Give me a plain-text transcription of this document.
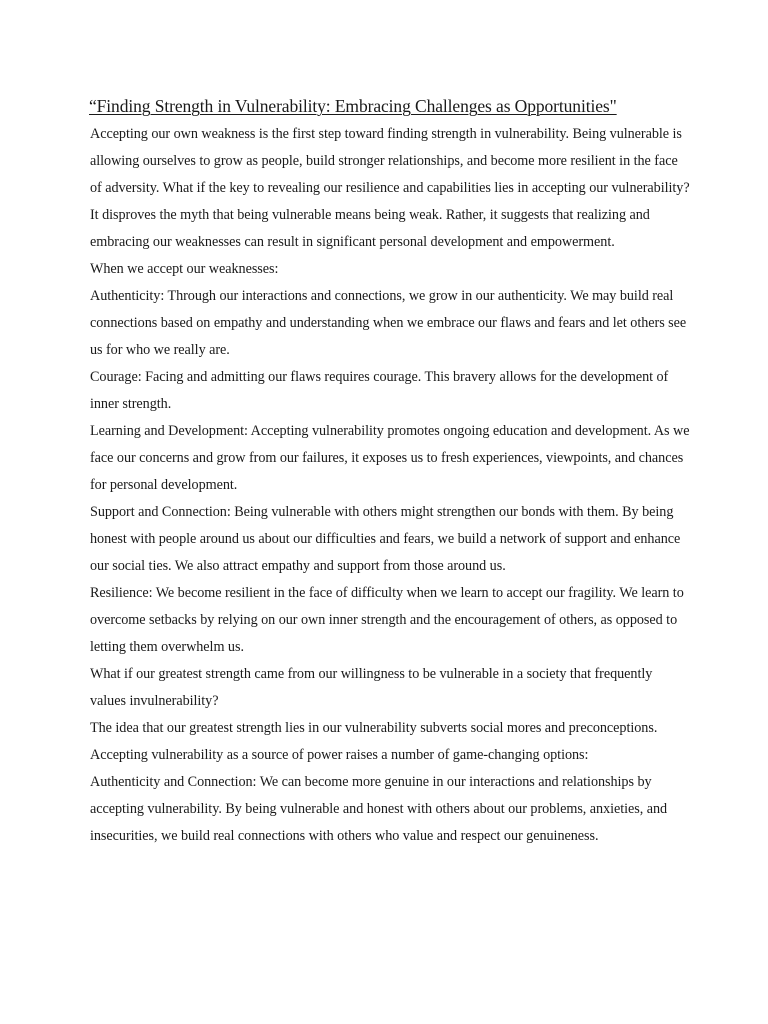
“Finding Strength in Vulnerability: Embracing Challenges as Opportunities"

Accepting our own weakness is the first step toward finding strength in vulnerability. Being vulnerable is allowing ourselves to grow as people, build stronger relationships, and become more resilient in the face of adversity. What if the key to revealing our resilience and capabilities lies in accepting our vulnerability?

It disproves the myth that being vulnerable means being weak. Rather, it suggests that realizing and embracing our weaknesses can result in significant personal development and empowerment.

When we accept our weaknesses:

Authenticity: Through our interactions and connections, we grow in our authenticity. We may build real connections based on empathy and understanding when we embrace our flaws and fears and let others see us for who we really are.

Courage: Facing and admitting our flaws requires courage. This bravery allows for the development of inner strength.

Learning and Development: Accepting vulnerability promotes ongoing education and development. As we face our concerns and grow from our failures, it exposes us to fresh experiences, viewpoints, and chances for personal development.

Support and Connection: Being vulnerable with others might strengthen our bonds with them. By being honest with people around us about our difficulties and fears, we build a network of support and enhance our social ties. We also attract empathy and support from those around us.

Resilience: We become resilient in the face of difficulty when we learn to accept our fragility. We learn to overcome setbacks by relying on our own inner strength and the encouragement of others, as opposed to letting them overwhelm us.

What if our greatest strength came from our willingness to be vulnerable in a society that frequently values invulnerability?

The idea that our greatest strength lies in our vulnerability subverts social mores and preconceptions. Accepting vulnerability as a source of power raises a number of game-changing options:

Authenticity and Connection: We can become more genuine in our interactions and relationships by accepting vulnerability. By being vulnerable and honest with others about our problems, anxieties, and insecurities, we build real connections with others who value and respect our genuineness.
